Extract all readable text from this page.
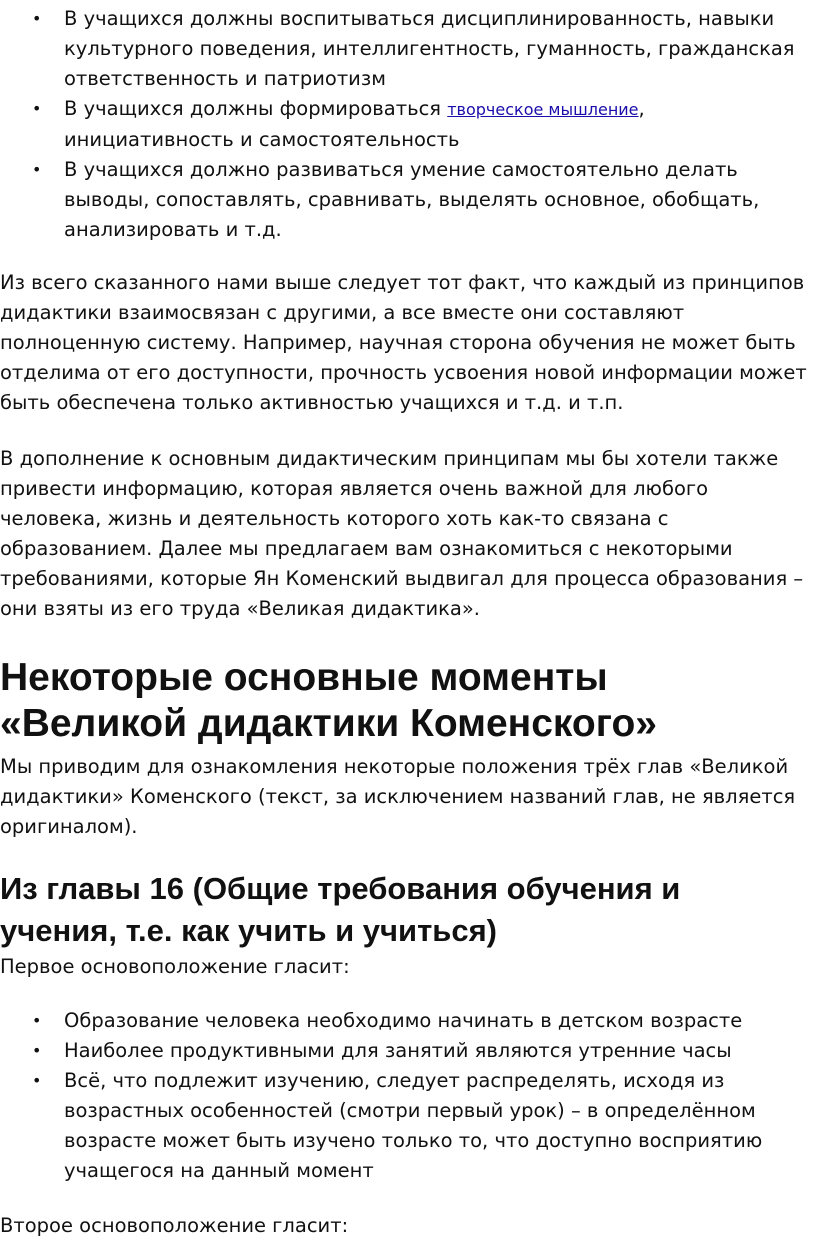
• В учащихся должны воспитываться дисциплинированность, навыки
культурного поведения, интеллигентность, гуманность, гражданская
ответственность и патриотизм
• В учащихся должны формироваться творческое мышление,
инициативность и самостоятельность
• В учащихся должно развиваться умение самостоятельно делать
выводы, сопоставлять, сравнивать, выделять основное, обобщать,
анализировать и т.д.
Из всего сказанного нами выше следует тот факт, что каждый из принципов
дидактики взаимосвязан с другими, а все вместе они составляют
полноценную систему. Например, научная сторона обучения не может быть
отделима от его доступности, прочность усвоения новой информации может
быть обеспечена только активностью учащихся и т.д. и т.п.
В дополнение к основным дидактическим принципам мы бы хотели также
привести информацию, которая является очень важной для любого
человека, жизнь и деятельность которого хоть как-то связана с
образованием. Далее мы предлагаем вам ознакомиться с некоторыми
требованиями, которые Ян Коменский выдвигал для процесса образования –
они взяты из его труда «Великая дидактика».
Некоторые основные моменты
«Великой дидактики Коменского»
Мы приводим для ознакомления некоторые положения трёх глав «Великой
дидактики» Коменского (текст, за исключением названий глав, не является
оригиналом).
Из главы 16 (Общие требования обучения и
учения, т.е. как учить и учиться)
Первое основоположение гласит:
• Образование человека необходимо начинать в детском возрасте
• Наиболее продуктивными для занятий являются утренние часы
• Всё, что подлежит изучению, следует распределять, исходя из
возрастных особенностей (смотри первый урок) – в определённом
возрасте может быть изучено только то, что доступно восприятию
учащегося на данный момент
Второе основоположение гласит:
